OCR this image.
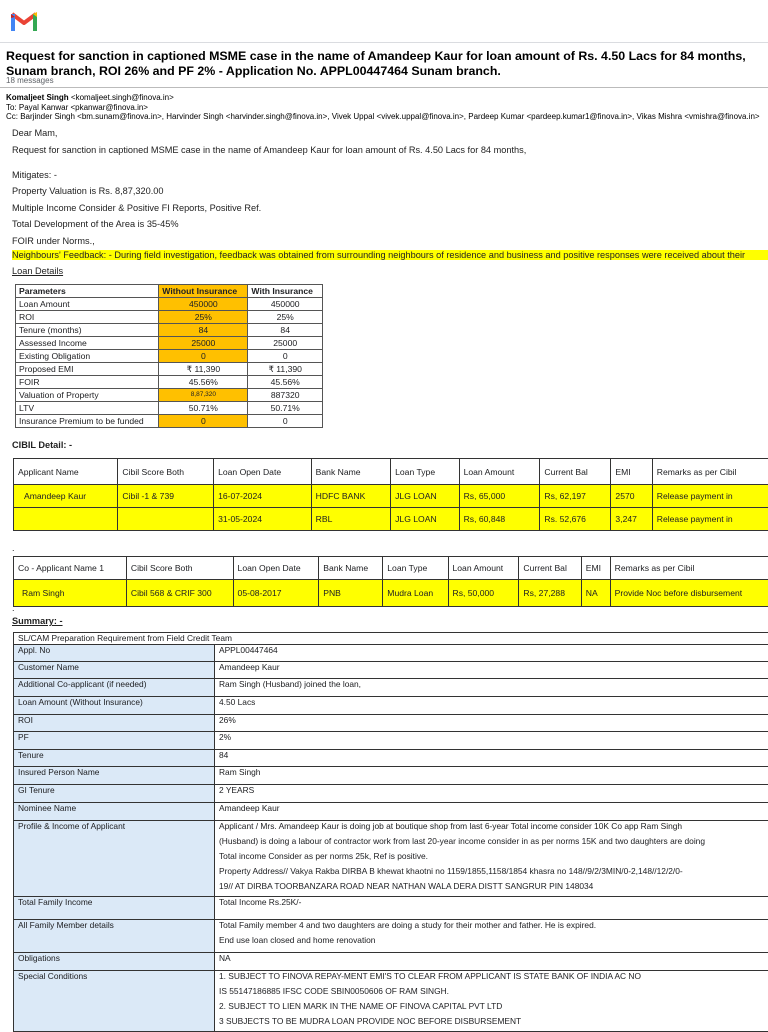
Request for sanction in captioned MSME case in the name of Amandeep Kaur for loan amount of Rs. 4.50 Lacs for 84 months, Sunam branch, ROI 26% and PF 2% - Application No. APPL00447464 Sunam branch.
18 messages
Komaljeet Singh <komaljeet.singh@finova.in>
To: Payal Kanwar <pkanwar@finova.in>
Cc: Barjinder Singh <bm.sunam@finova.in>, Harvinder Singh <harvinder.singh@finova.in>, Vivek Uppal <vivek.uppal@finova.in>, Pardeep Kumar <pardeep.kumar1@finova.in>, Vikas Mishra <vmishra@finova.in>
Dear Mam,
Request for sanction in captioned MSME case in the name of Amandeep Kaur for loan amount of Rs. 4.50 Lacs for 84 months,
Mitigates: -
Property Valuation is Rs. 8,87,320.00
Multiple Income Consider & Positive FI Reports, Positive Ref.
Total Development of the Area is 35-45%
FOIR under Norms.,
Neighbours' Feedback: - During field investigation, feedback was obtained from surrounding neighbours of residence and business and positive responses were received about their
Loan Details
Parameters	Without Insurance	With Insurance
Loan Amount	450000	450000
ROI	25%	25%
Tenure (months)	84	84
Assessed Income	25000	25000
Existing Obligation	0	0
Proposed EMI	₹ 11,390	₹ 11,390
FOIR	45.56%	45.56%
Valuation of Property	8,87,320	887320
LTV	50.71%	50.71%
Insurance Premium to be funded	0	0
CIBIL Detail: -
Applicant Name	Cibil Score Both	Loan Open Date	Bank Name	Loan Type	Loan Amount	Current Bal	EMI	Remarks as per Cibil
Amandeep Kaur	Cibil -1 & 739	16-07-2024	HDFC BANK	JLG LOAN	Rs, 65,000	Rs, 62,197	2570	Release payment in
		31-05-2024	RBL	JLG LOAN	Rs, 60,848	Rs. 52,676	3,247	Release payment in
.
Co - Applicant Name 1	Cibil Score Both	Loan Open Date	Bank Name	Loan Type	Loan Amount	Current Bal	EMI	Remarks as per Cibil
Ram Singh	Cibil 568 & CRIF 300	05-08-2017	PNB	Mudra Loan	Rs, 50,000	Rs, 27,288	NA	Provide Noc before disbursement
.
Summary: -
SL/CAM Preparation Requirement from Field Credit Team	
Appl. No	APPL00447464

Customer Name	Amandeep Kaur

Additional Co-applicant (if needed)	Ram Singh (Husband) joined the loan,

Loan Amount (Without Insurance)	4.50 Lacs

ROI	26%

PF	2%

Tenure	84

Insured Person Name	Ram Singh

GI Tenure	2 YEARS

Nominee Name	Amandeep Kaur

Profile & Income of Applicant	Applicant / Mrs. Amandeep Kaur is doing job at boutique shop from last 6-year Total income consider 10K Co app Ram Singh
(Husband) is doing a labour of contractor work from last 20-year income consider in as per norms 15K and two daughters are doing
Total income Consider as per norms 25k, Ref is positive.
Property Address// Vakya Rakba DIRBA B khewat khaotni no 1159/1855,1158/1854 khasra no 148//9/2/3MIN/0-2,148//12/2/0-
19// AT DIRBA TOORBANZARA ROAD NEAR NATHAN WALA DERA DISTT SANGRUR PIN 148034

Total Family Income	Total Income Rs.25K/-

All Family Member details	Total Family member 4 and two daughters are doing a study for their mother and father. He is expired.
End use loan closed and home renovation

Obligations	NA

Special Conditions	1. SUBJECT TO FINOVA REPAY-MENT EMI'S TO CLEAR FROM APPLICANT IS STATE BANK OF INDIA AC NO
IS 55147186885 IFSC CODE SBIN0050606 OF RAM SINGH.
2. SUBJECT TO LIEN MARK IN THE NAME OF FINOVA CAPITAL PVT LTD
3 SUBJECTS TO BE MUDRA LOAN PROVIDE NOC BEFORE DISBURSEMENT
